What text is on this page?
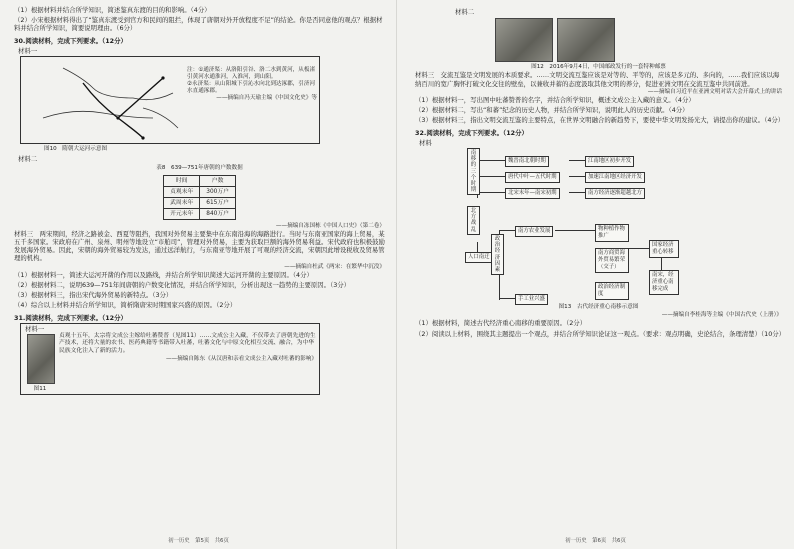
（1）根据材料并结合所学知识，简述鉴真东渡的目的和影响。（4分）

（2）小宋根据材料得出了“鉴真东渡受到官方和民间的阻拦，体现了唐朝对外开放程度不足”的结论。你是否同意他的观点？根据材料并结合所学知识，简要说明理由。（6分）

30.阅读材料，完成下列要求。（12分）

材料一

注：①通济渠：从洛阳引谷、洛二水到黄河，从板渚引黄河水通淮河，入淮河，到山阳。

②永济渠：从山阳城下引沁水向北到达涿郡，引济河水直通涿郡。

——摘编自冯天瑜主编《中国文化史》等

图10　隋朝大运河示意图

材料二

表8　639—751年唐朝的户数数据

时间	户数
贞观末年	300万户
武周末年	615万户
开元末年	840万户

——摘编自冻国栋《中国人口史》（第二卷）

材料三　两宋期间，经济之路被金、西夏等阻挡，我国对外贸易主要集中在东南沿海的海路进行。当时与东南亚国家的海上贸易，某五千多国家。宋政府在广州、泉州、明州等地设立“市舶司”，管理对外贸易，主要为获取巨额的海外贸易利益。宋代政府也积极鼓励发展海外贸易。因此，宋朝的海外贸易较为发达，通过远洋航行，与东南亚等地开展了可观的经济交流，宋朝因此增设税收及贸易管理的机构。

——摘编自杜武《两宋：在繁华中沉没》

（1）根据材料一，简述大运河开凿的作用以及路线，并结合所学知识简述大运河开凿的主要原因。（4分）

（2）根据材料二，说明639—751年间唐朝的户数变化情况，并结合所学知识，分析出现这一趋势的主要原因。（3分）

（3）根据材料三，指出宋代海外贸易的新特点。（3分）

（4）综合以上材料并结合所学知识，简析隋唐宋时期国家兴盛的原因。（2分）

31.阅读材料，完成下列要求。（12分）

材料一

图11

贞观十五年，太宗将文成公主嫁给吐蕃赞普（见图11）……文成公主入藏，不仅带去了唐朝先进的生产技术，还将大量的农书、医药典籍等书籍带入吐蕃，吐蕃文化与中原文化相互交流、融合，为中华民族文化注入了新的活力。

——摘编自陈东《从汉唐和亲看文成公主入藏对吐蕃的影响》

初一历史　第5页　共6页

材料二

图12　2016年9月4日，中国邮政发行的一套特种邮票

材料三　交流互鉴是文明发展的本质要求。……文明交流互鉴应该是对等的、平等的，应该是多元的、多向的，……我们应该以海纳百川的宽广胸怀打破文化交往的壁垒，以兼收并蓄的态度汲取其他文明的养分，促进亚洲文明在交流互鉴中共同前进。

——摘编自习近平在亚洲文明对话大会开幕式上的讲话

（1）根据材料一，写出图中吐蕃赞普的名字，并结合所学知识，概述文成公主入藏的意义。（4分）

（2）根据材料二，写出“和蕃”纪念的历史人物，并结合所学知识，说明此人的历史贡献。（4分）

（3）根据材料三，指出文明交流互鉴的主要特点，在世界文明融合的新趋势下，要使中华文明发扬光大，请提出你的建议。（4分）

32.阅读材料，完成下列要求。（12分）

材料

南移的三个时期
北方战乱
人口南迁
魏晋南北朝时期
唐代中叶—五代时期
北宋末年—南宋初期
江南地区初步开发
加速江南地区经济开发
南方经济逐渐超越北方
政治经济因素
南方农业发展
手工业兴盛
物种植作物推广
南方商贸海外贸易繁荣（交子）
政治经济制度
国家经济重心转移
南宋，经济重心南移完成

图13　古代经济重心南移示意图

——摘编自李桂海等主编《中国古代史（上册）》

（1）根据材料，简述古代经济重心南移的重要原因。（2分）

（2）阅读以上材料，围绕其主题提出一个观点，并结合所学知识论证这一观点。（要求：观点明确，史论结合，条理清楚）（10分）

初一历史　第6页　共6页
